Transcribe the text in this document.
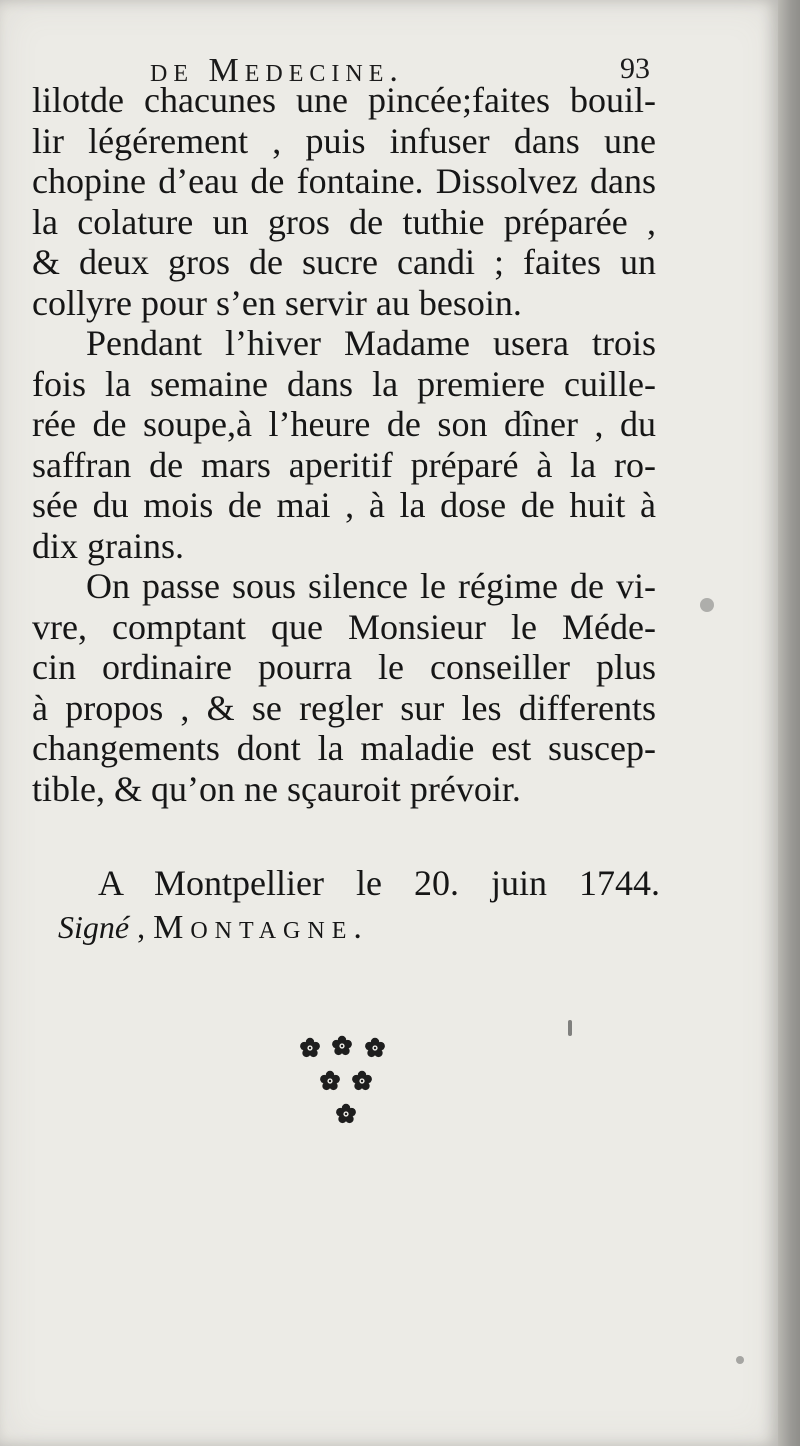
de Medecine.	93
lilotde chacunes une pincée;faites bouil-
lir légérement , puis infuser dans une
chopine d’eau de fontaine. Dissolvez dans
la colature un gros de tuthie préparée ,
& deux gros de sucre candi ; faites un
collyre pour s’en servir au besoin.
Pendant l’hiver Madame usera trois
fois la semaine dans la premiere cuille-
rée de soupe,à l’heure de son dîner , du
saffran de mars aperitif préparé à la ro-
sée du mois de mai , à la dose de huit à
dix grains.
On passe sous silence le régime de vi-
vre, comptant que Monsieur le Méde-
cin ordinaire pourra le conseiller plus
à propos , & se regler sur les differents
changements dont la maladie est suscep-
tible, & qu’on ne sçauroit prévoir.
A Montpellier le 20. juin 1744.
Signé , Montagne.
